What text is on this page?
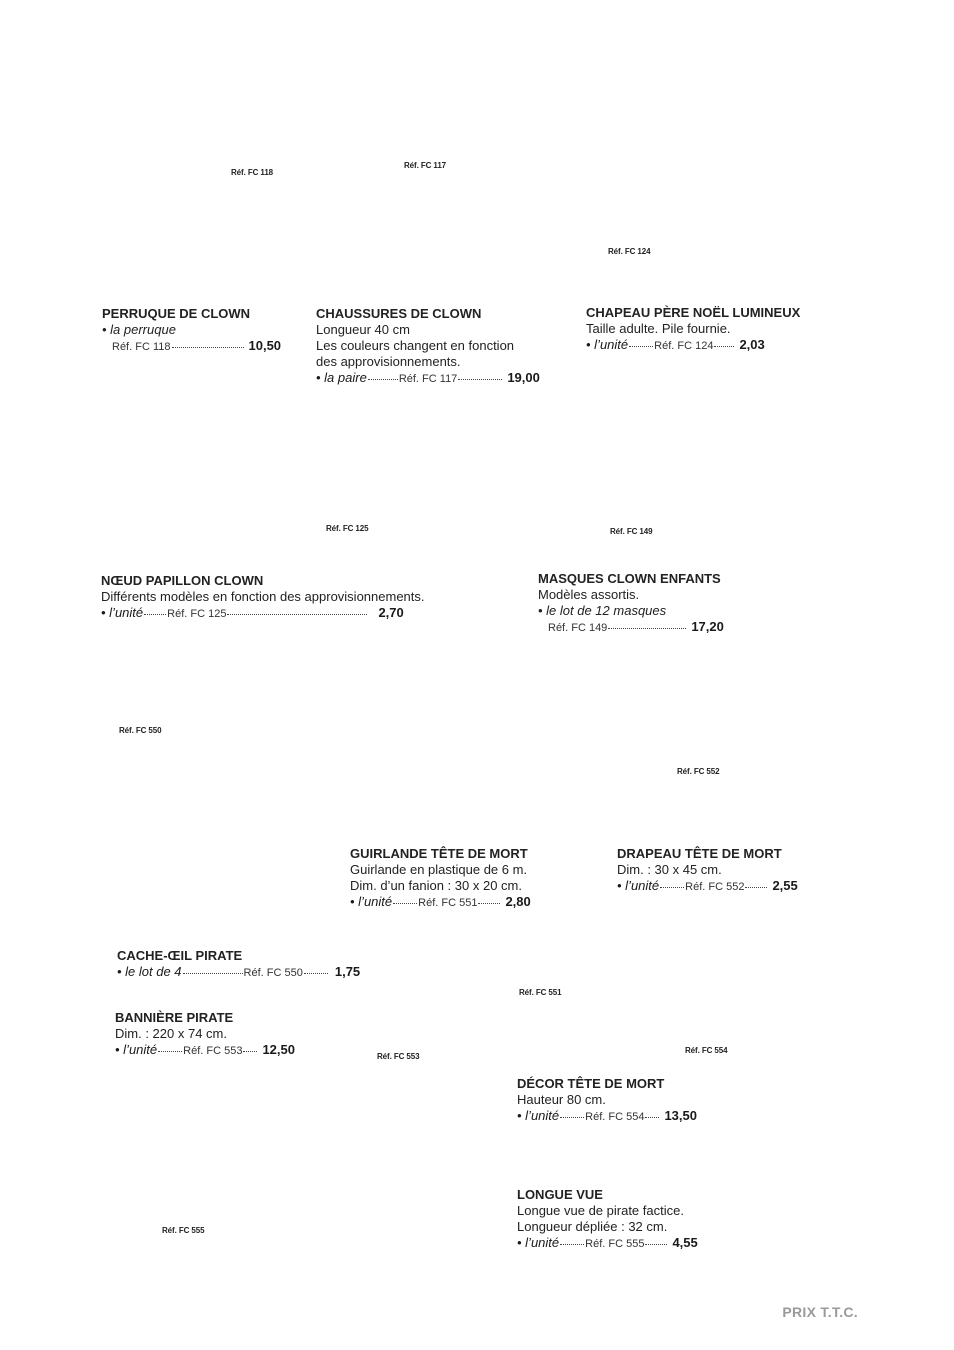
Réf. FC 118
Réf. FC 117
Réf. FC 124
Réf. FC 125	Réf. FC 149
Réf. FC 550
Réf. FC 552
Réf. FC 551
Réf. FC 553
Réf. FC 554
Réf. FC 555
PERRUQUE DE CLOWN
• la perruque
Réf. FC 118	10,50
CHAUSSURES DE CLOWN
Longueur 40 cm
Les couleurs changent en fonction
des approvisionnements.
• la paire	Réf. FC 117	19,00
CHAPEAU PÈRE NOËL LUMINEUX
Taille adulte. Pile fournie.
• l’unité Réf. FC 124 2,03
NŒUD PAPILLON CLOWN
Différents modèles en fonction des approvisionnements.
• l’unité Réf. FC 125	2,70
MASQUES CLOWN ENFANTS
Modèles assortis.
• le lot de 12 masques
Réf. FC 149	17,20
GUIRLANDE TÊTE DE MORT
Guirlande en plastique de 6 m.
Dim. d’un fanion : 30 x 20 cm.
• l’unité Réf. FC 551 2,80
DRAPEAU TÊTE DE MORT
Dim. : 30 x 45 cm.
• l’unité Réf. FC 552 2,55
CACHE-ŒIL PIRATE
• le lot de 4	Réf. FC 550 1,75
BANNIÈRE PIRATE
Dim. : 220 x 74 cm.
• l’unité Réf. FC 553 12,50
DÉCOR TÊTE DE MORT
Hauteur 80 cm.
• l’unité Réf. FC 554 13,50
LONGUE VUE
Longue vue de pirate factice.
Longueur dépliée : 32 cm.
• l’unité Réf. FC 555 4,55
PRIX T.T.C.
